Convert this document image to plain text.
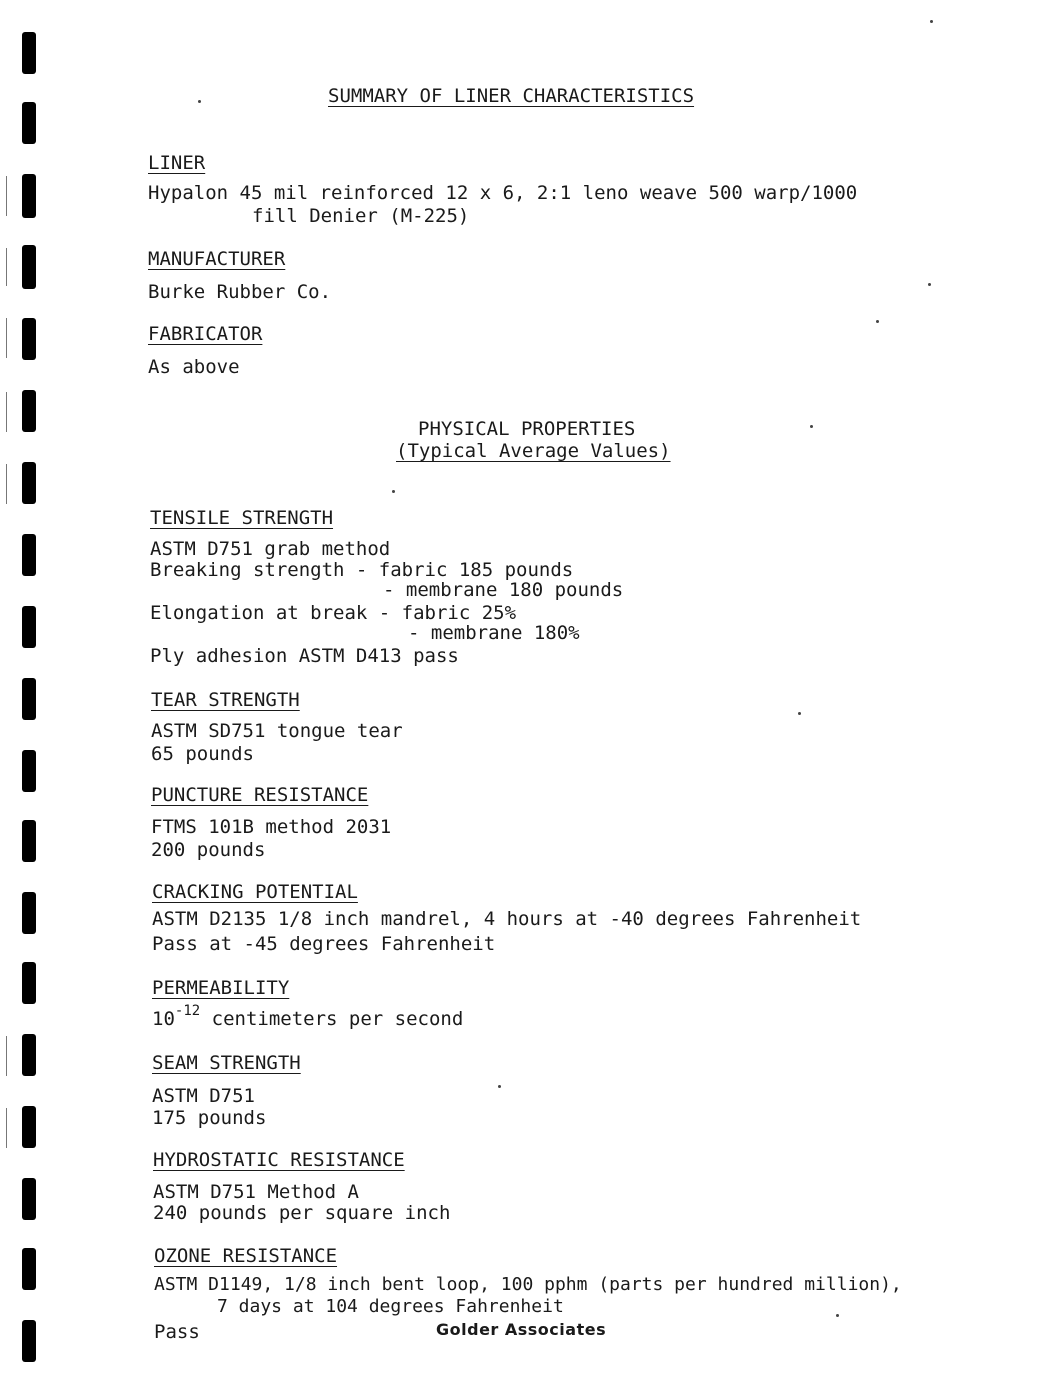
SUMMARY OF LINER CHARACTERISTICS
LINER
Hypalon 45 mil reinforced 12 x 6, 2:1 leno weave 500 warp/1000
fill Denier (M-225)
MANUFACTURER
Burke Rubber Co.
FABRICATOR
As above
PHYSICAL PROPERTIES
(Typical Average Values)
TENSILE STRENGTH
ASTM D751 grab method
Breaking strength - fabric 185 pounds
- membrane 180 pounds
Elongation at break - fabric 25%
- membrane 180%
Ply adhesion ASTM D413 pass
TEAR STRENGTH
ASTM SD751 tongue tear
65 pounds
PUNCTURE RESISTANCE
FTMS 101B method 2031
200 pounds
CRACKING POTENTIAL
ASTM D2135 1/8 inch mandrel, 4 hours at -40 degrees Fahrenheit
Pass at -45 degrees Fahrenheit
PERMEABILITY
$10^{-12}$ centimeters per second
SEAM STRENGTH
ASTM D751
175 pounds
HYDROSTATIC RESISTANCE
ASTM D751 Method A
240 pounds per square inch
OZONE RESISTANCE
ASTM D1149, 1/8 inch bent loop, 100 pphm (parts per hundred million),
7 days at 104 degrees Fahrenheit
Pass	Golder Associates
